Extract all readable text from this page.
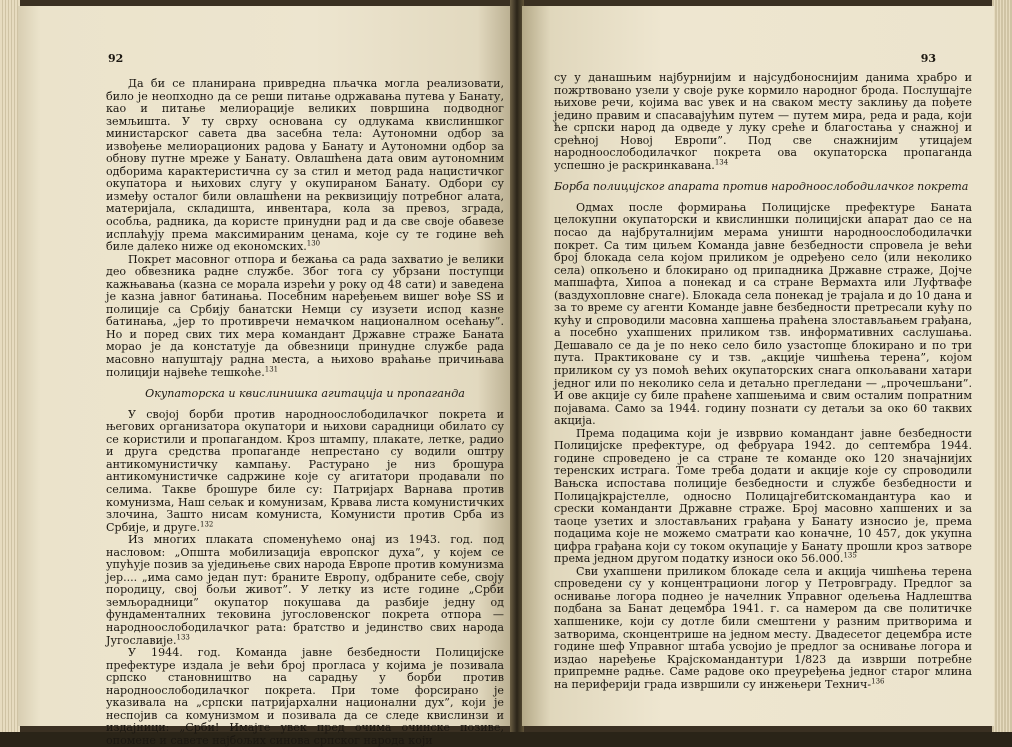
92

Да би се планирана привредна пљачка могла реализовати, било је неопходно да се реши питање одржавања путева у Банату, као и питање мелиорације великих површина подводног земљишта. У ту сврху основана су одлукама квислиншког министарског савета два засебна тела: Аутономни одбор за извођење мелиорационих радова у Банату и Аутономни одбор за обнову путне мреже у Банату. Овлашћена дата овим аутономним одборима карактеристична су за стил и метод рада нацистичког окупатора и њихових слугу у окупираном Банату. Одбори су између осталог били овлашћени на реквизицију потребног алата, материјала, складишта, инвентара, кола за превоз, зграда, особља, радника, да користе принудни рад и да све своје обавезе исплаћују према максимираним ценама, које су те године већ биле далеко ниже од економских.$^{130}$

Покрет масовног отпора и бежања са рада захватио је велики део обвезника радне службе. Због тога су убрзани поступци кажњавања (казна се морала изрећи у року од 48 сати) и заведена је казна јавног батинања. Посебним наређењем вишег вође SS и полиције са Србију банатски Немци су изузети испод казне батинања, „јер то противречи немачком националном осећању”. Но и поред свих тих мера командант Државне страже Баната морао је да констатује да обвезници принудне службе рада масовно напуштају радна места, а њихово враћање причињава полицији највеће тешкоће.$^{131}$

Окупаторска и квислинишка агитација и пропаганда

У својој борби против народноослободилачког покрета и његових организатора окупатори и њихови сарадници обилато су се користили и пропагандом. Кроз штампу, плакате, летке, радио и другa средства пропаганде непрестано су водили оштру антикомунистичку кампању. Растурано је низ брошура антикомунистичке садржине које су агитатори продавали по селима. Такве брошуре биле су: Патријарх Варнава против комунизма, Наш сељак и комунизам, Крвава листа комунистичких злочина, Зашто нисам комуниста, Комунисти против Срба из Србије, и друге.$^{132}$

Из многих плаката споменућемо онај из 1943. год. под насловом: „Општа мобилизација европског духа”, у којем се упућује позив за уједињење свих народа Европе против комунизма јер.... „има само један пут: браните Европу, одбраните себе, своју породицу, свој бољи живот”. У летку из исте године „Срби земљорадници” окупатор покушава да разбије једну од фундаменталних тековина југословенског покрета отпора — народноослободилачког рата: братство и јединство свих народа Југославије.$^{133}$

У 1944. год. Команда јавне безбедности Полицијске префектуре издала је већи број прогласа у којима је позивала српско становништво на сарадњу у борби против народноослободилачког покрета. При томе форсирано је указивала на „српски патријархални национални дух”, који је неспојив са комунизмом и позивала да се следе квислинзи и издајници: „Срби! Имајте увек пред очима очинске позиве, опомене и савете најбољих синова српског народа који

93

су у данашњим најбурнијим и најсудбоноснијим данима храбро и пожртвовано узели у своје руке кормило народног брода. Послушајте њихове речи, којима вас увек и на сваком месту заклињу да пођете једино правим и спасавајућим путем — путем мира, реда и рада, који ће српски народ да одведе у луку среће и благостања у снажној и срећној Новој Европи”. Под све снажнијим утицајем народноослободилачког покрета ова окупаторска пропаганда успешно је раскринкавана.$^{134}$

Борба полицијског апарата против народноослободилачког покрета

Одмах после формирања Полицијске префектуре Баната целокупни окупаторски и квислиншки полицијски апарат дао се на посао да најбруталнијим мерама уништи народноослободилачки покрет. Са тим циљем Команда јавне безбедности спровела је већи број блокада села којом приликом је одређено село (или неколико села) опкољено и блокирано од припадника Државне страже, Дојче мапшафта, Хипоа а понекад и са стране Вермахта или Луфтвафе (ваздухопловне снаге). Блокада села понекад је трајала и до 10 дана и за то време су агенти Команде јавне безбедности претресали кућу по кућу и спроводили масовна хапшења праћена злостављањем грађана, а посебно ухапшених приликом тзв. информативних саслушања. Дешавало се да је по неко село било узастопце блокирано и по три пута. Практиковане су и тзв. „акције чишћења терена”, којом приликом су уз помоћ већих окупаторских снага опкољавани хатари једног или по неколико села и детаљно прегледани — „прочешљани”. И ове акције су биле праћене хапшењима и свим осталим попратним појавама. Само за 1944. годину познати су детаљи за око 60 таквих акција.

Према подацима који је изврвио командант јавне безбедности Полицијске префектуре, од фебруара 1942. до септембра 1944. године спроведено је са стране те команде око 120 значајнијих теренских истрага. Томе треба додати и акције које су спроводили Вањска испостава полиције безбедности и службе безбедности и Полицајкрајстелле, односно Полицајгебитскомандантура као и срески команданти Државне страже. Број масовно хапшених и за таоце узетих и злостављаних грађана у Банату износио је, према подацима које не можемо сматрати као коначне, 10 457, док укупна цифра грађана који су током окупације у Банату прошли кроз затворе према једном другом податку износи око 56.000.$^{135}$

Сви ухапшени приликом блокаде села и акција чишћења терена спроведени су у концентрациони логор у Петровграду. Предлог за оснивање логора поднео је начелник Управног одељења Надлештва подбана за Банат децембра 1941. г. са намером да све политичке хапшенике, који су дотле били смештени у разним притворима и затворима, сконцентрише на једном месту. Двадесетог децембра исте године шеф Управног штаба усвојио је предлог за оснивање логора и издао наређење Крајскомандантури 1/823 да изврши потребне припремне радње. Саме радове око преуређења једног старог млина на периферији града извршили су инжењери Технич-$^{136}$
